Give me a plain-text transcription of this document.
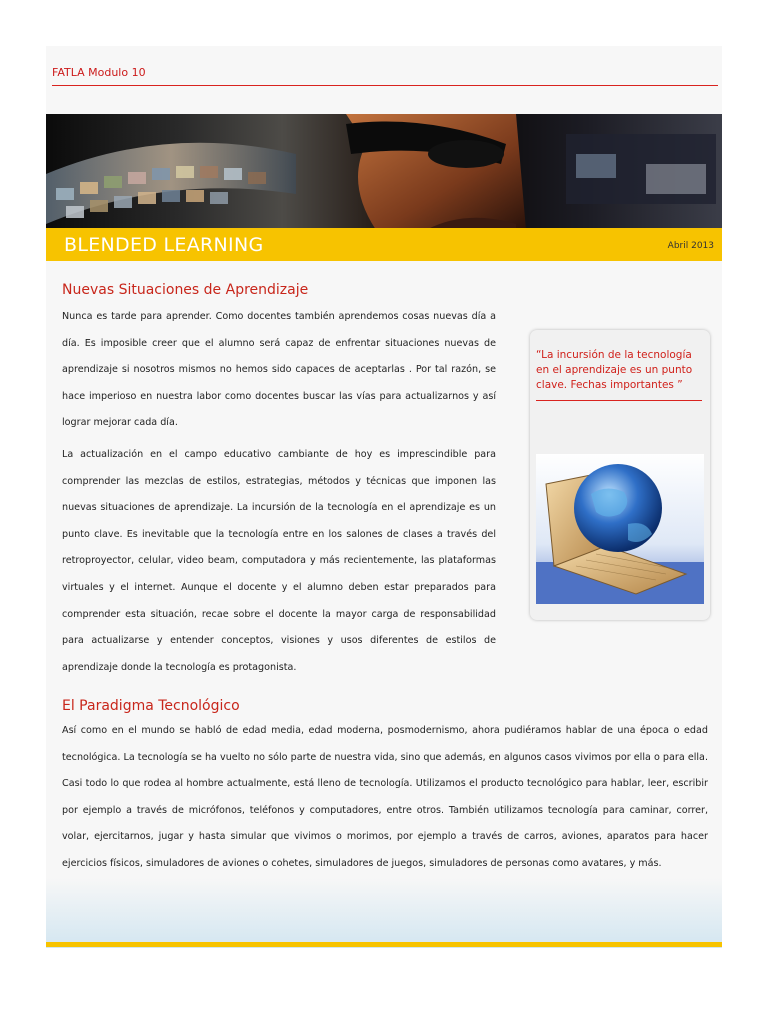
FATLA Modulo 10
BLENDED LEARNING	Abril 2013
Nuevas Situaciones de Aprendizaje

Nunca es tarde para aprender. Como docentes también aprendemos cosas nuevas día a día. Es imposible creer que el alumno será capaz de enfrentar situaciones nuevas de aprendizaje si nosotros mismos no hemos sido capaces de aceptarlas . Por tal razón, se hace imperioso en nuestra labor como docentes buscar las vías para actualizarnos y así lograr mejorar cada día.

La actualización en el campo educativo cambiante de hoy es imprescindible para comprender las mezclas de estilos, estrategias, métodos y técnicas que imponen las nuevas situaciones de aprendizaje. La incursión de la tecnología en el aprendizaje es un punto clave. Es inevitable que la tecnología entre en los salones de clases a través del retroproyector, celular, video beam, computadora y más recientemente, las plataformas virtuales y el internet. Aunque el docente y el alumno deben estar preparados para comprender esta situación, recae sobre el docente la mayor carga de responsabilidad para actualizarse y entender conceptos, visiones y usos diferentes de estilos de aprendizaje donde la tecnología es protagonista.

“La incursión de la tecnología en el aprendizaje es un punto clave. Fechas importantes ”
El Paradigma Tecnológico

Así como en el mundo se habló de edad media, edad moderna, posmodernismo, ahora pudiéramos hablar de una época o edad tecnológica. La tecnología se ha vuelto no sólo parte de nuestra vida, sino que además, en algunos casos vivimos por ella o para ella. Casi todo lo que rodea al hombre actualmente, está lleno de tecnología. Utilizamos el producto tecnológico para hablar, leer, escribir por ejemplo a través de micrófonos, teléfonos y computadores, entre otros. También utilizamos tecnología para caminar, correr, volar, ejercitarnos, jugar y hasta simular que vivimos o morimos, por ejemplo a través de carros, aviones, aparatos para hacer ejercicios físicos, simuladores de aviones o cohetes, simuladores de juegos, simuladores de personas como avatares, y más.
